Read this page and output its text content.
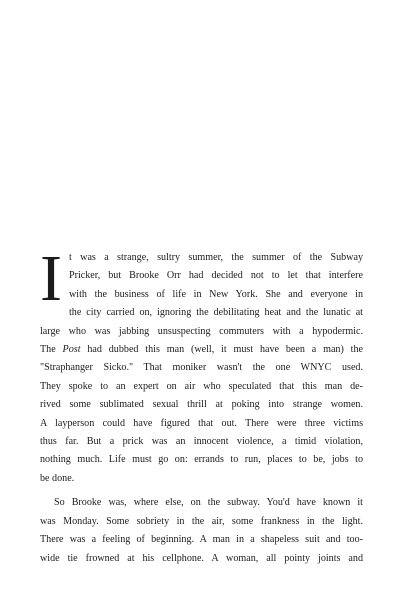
I t was a strange, sultry summer, the summer of the Subway
Pricker, but Brooke Orr had decided not to let that interfere
with the business of life in New York. She and everyone in
the city carried on, ignoring the debilitating heat and the lunatic at
large who was jabbing unsuspecting commuters with a hypodermic.
The Post had dubbed this man (well, it must have been a man) the
"Straphanger Sicko." That moniker wasn't the one WNYC used.
They spoke to an expert on air who speculated that this man de-
rived some sublimated sexual thrill at poking into strange women.
A layperson could have figured that out. There were three victims
thus far. But a prick was an innocent violence, a timid violation,
nothing much. Life must go on: errands to run, places to be, jobs to
be done.
So Brooke was, where else, on the subway. You'd have known it
was Monday. Some sobriety in the air, some frankness in the light.
There was a feeling of beginning. A man in a shapeless suit and too-
wide tie frowned at his cellphone. A woman, all pointy joints and
